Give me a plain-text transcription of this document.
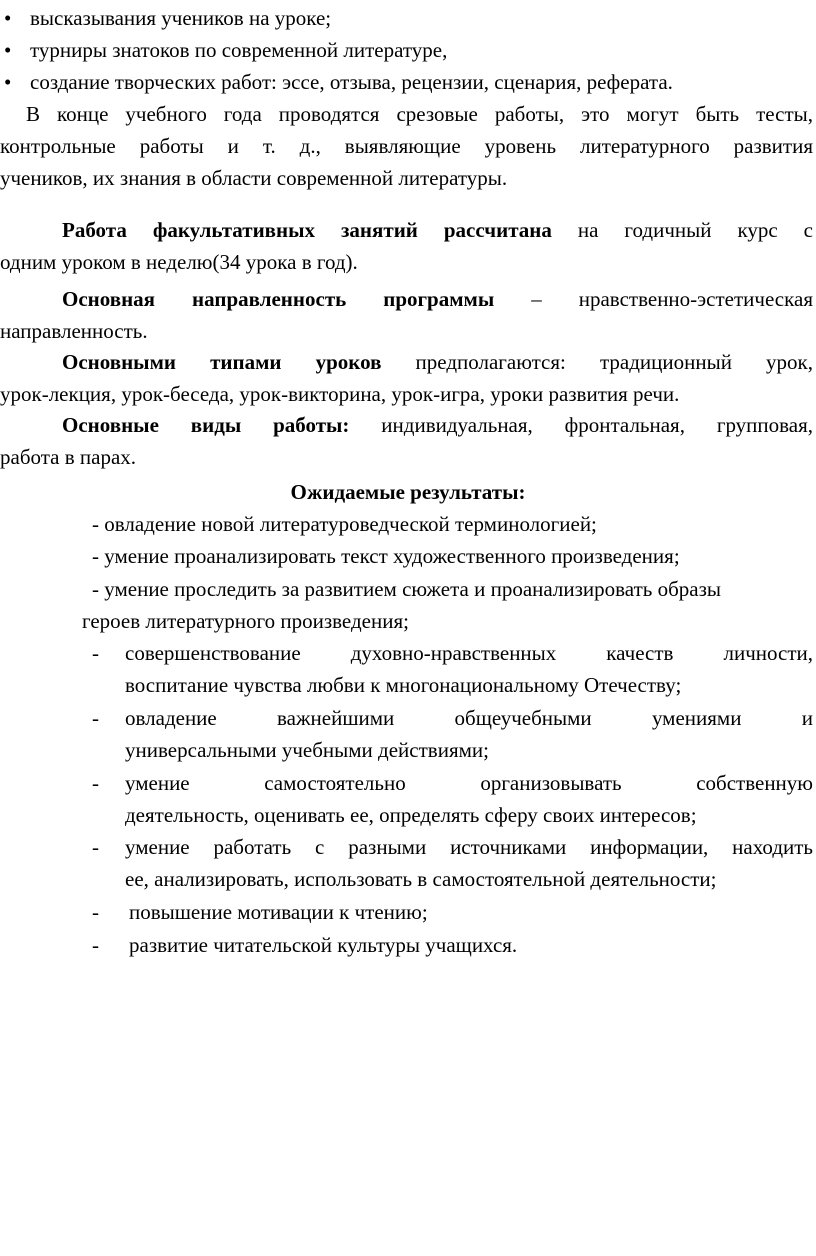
• высказывания учеников на уроке;
• турниры знатоков по современной литературе,
• создание творческих работ: эссе, отзыва, рецензии, сценария, реферата.
В конце учебного года проводятся срезовые работы, это могут быть тесты,
контрольные работы и т. д., выявляющие уровень литературного развития
учеников, их знания в области современной литературы.
Работа факультативных занятий рассчитана на годичный курс с
одним уроком в неделю(34 урока в год).
Основная направленность программы – нравственно-эстетическая
направленность.
Основными типами уроков предполагаются: традиционный урок,
урок-лекция, урок-беседа, урок-викторина, урок-игра, уроки развития речи.
Основные виды работы: индивидуальная, фронтальная, групповая,
работа в парах.
Ожидаемые результаты:
- овладение новой литературоведческой терминологией;
- умение проанализировать текст художественного произведения;
- умение проследить за развитием сюжета и проанализировать образы
героев литературного произведения;
- совершенствование духовно-нравственных качеств личности,
воспитание чувства любви к многонациональному Отечеству;
- овладение важнейшими общеучебными умениями и
универсальными учебными действиями;
- умение самостоятельно организовывать собственную
деятельность, оценивать ее, определять сферу своих интересов;
- умение работать с разными источниками информации, находить
ее, анализировать, использовать в самостоятельной деятельности;
- повышение мотивации к чтению;
- развитие читательской культуры учащихся.
